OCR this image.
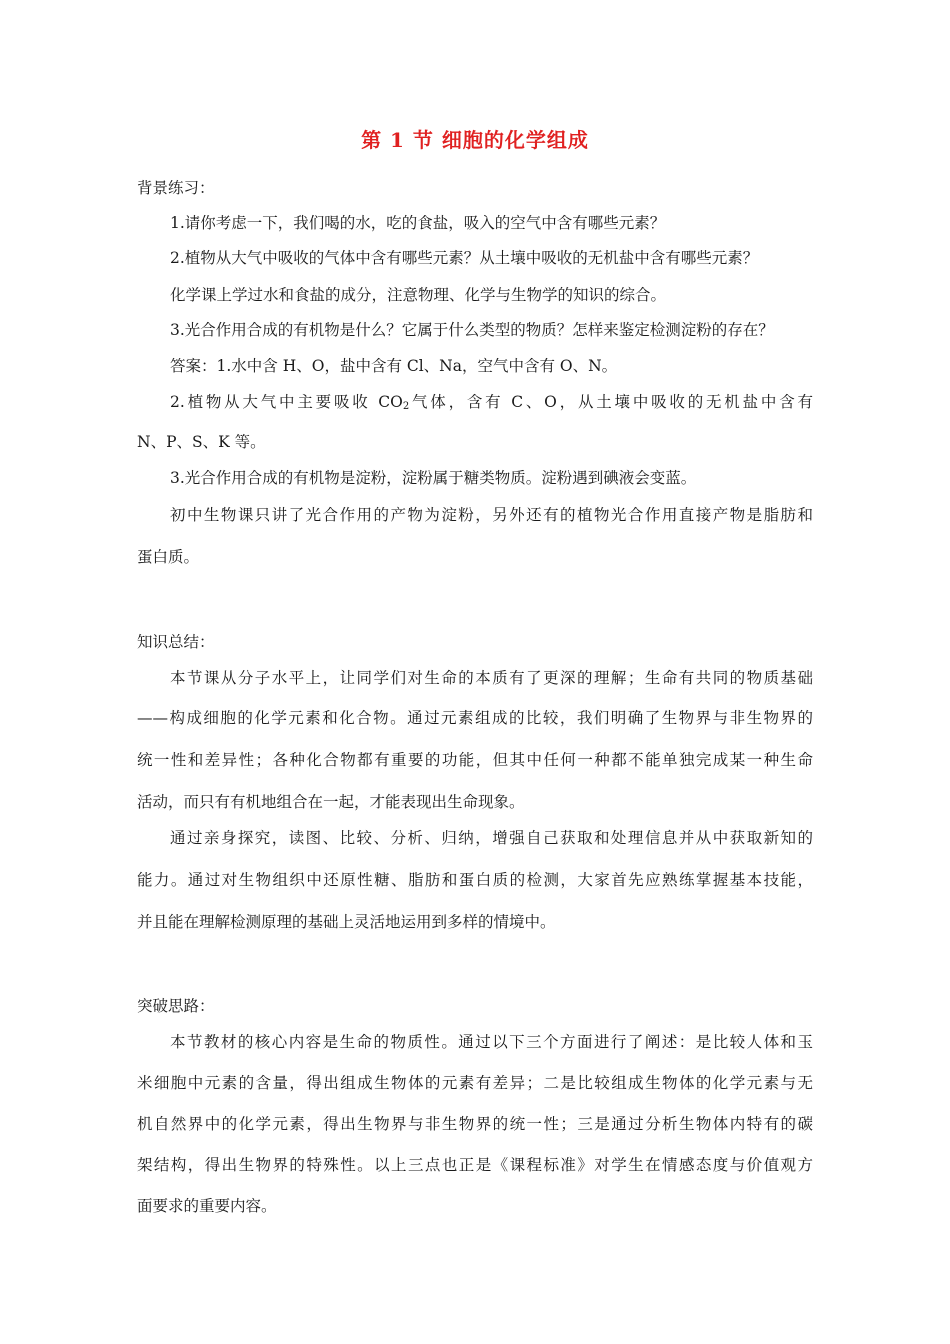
第 1 节 细胞的化学组成
背景练习：
1.请你考虑一下，我们喝的水，吃的食盐，吸入的空气中含有哪些元素？
2.植物从大气中吸收的气体中含有哪些元素？从土壤中吸收的无机盐中含有哪些元素？
化学课上学过水和食盐的成分，注意物理、化学与生物学的知识的综合。
3.光合作用合成的有机物是什么？它属于什么类型的物质？怎样来鉴定检测淀粉的存在？
答案：1.水中含 H、O，盐中含有 Cl、Na，空气中含有 O、N。
2.植物从大气中主要吸收 $CO_2$气体，含有 C、O，从土壤中吸收的无机盐中含有
N、P、S、K 等。
3.光合作用合成的有机物是淀粉，淀粉属于糖类物质。淀粉遇到碘液会变蓝。
初中生物课只讲了光合作用的产物为淀粉，另外还有的植物光合作用直接产物是脂肪和
蛋白质。
知识总结：
本节课从分子水平上，让同学们对生命的本质有了更深的理解；生命有共同的物质基础
——构成细胞的化学元素和化合物。通过元素组成的比较，我们明确了生物界与非生物界的
统一性和差异性；各种化合物都有重要的功能，但其中任何一种都不能单独完成某一种生命
活动，而只有有机地组合在一起，才能表现出生命现象。
通过亲身探究，读图、比较、分析、归纳，增强自己获取和处理信息并从中获取新知的
能力。通过对生物组织中还原性糖、脂肪和蛋白质的检测，大家首先应熟练掌握基本技能，
并且能在理解检测原理的基础上灵活地运用到多样的情境中。
突破思路：
本节教材的核心内容是生命的物质性。通过以下三个方面进行了阐述：是比较人体和玉
米细胞中元素的含量，得出组成生物体的元素有差异；二是比较组成生物体的化学元素与无
机自然界中的化学元素，得出生物界与非生物界的统一性；三是通过分析生物体内特有的碳
架结构，得出生物界的特殊性。以上三点也正是《课程标准》对学生在情感态度与价值观方
面要求的重要内容。
